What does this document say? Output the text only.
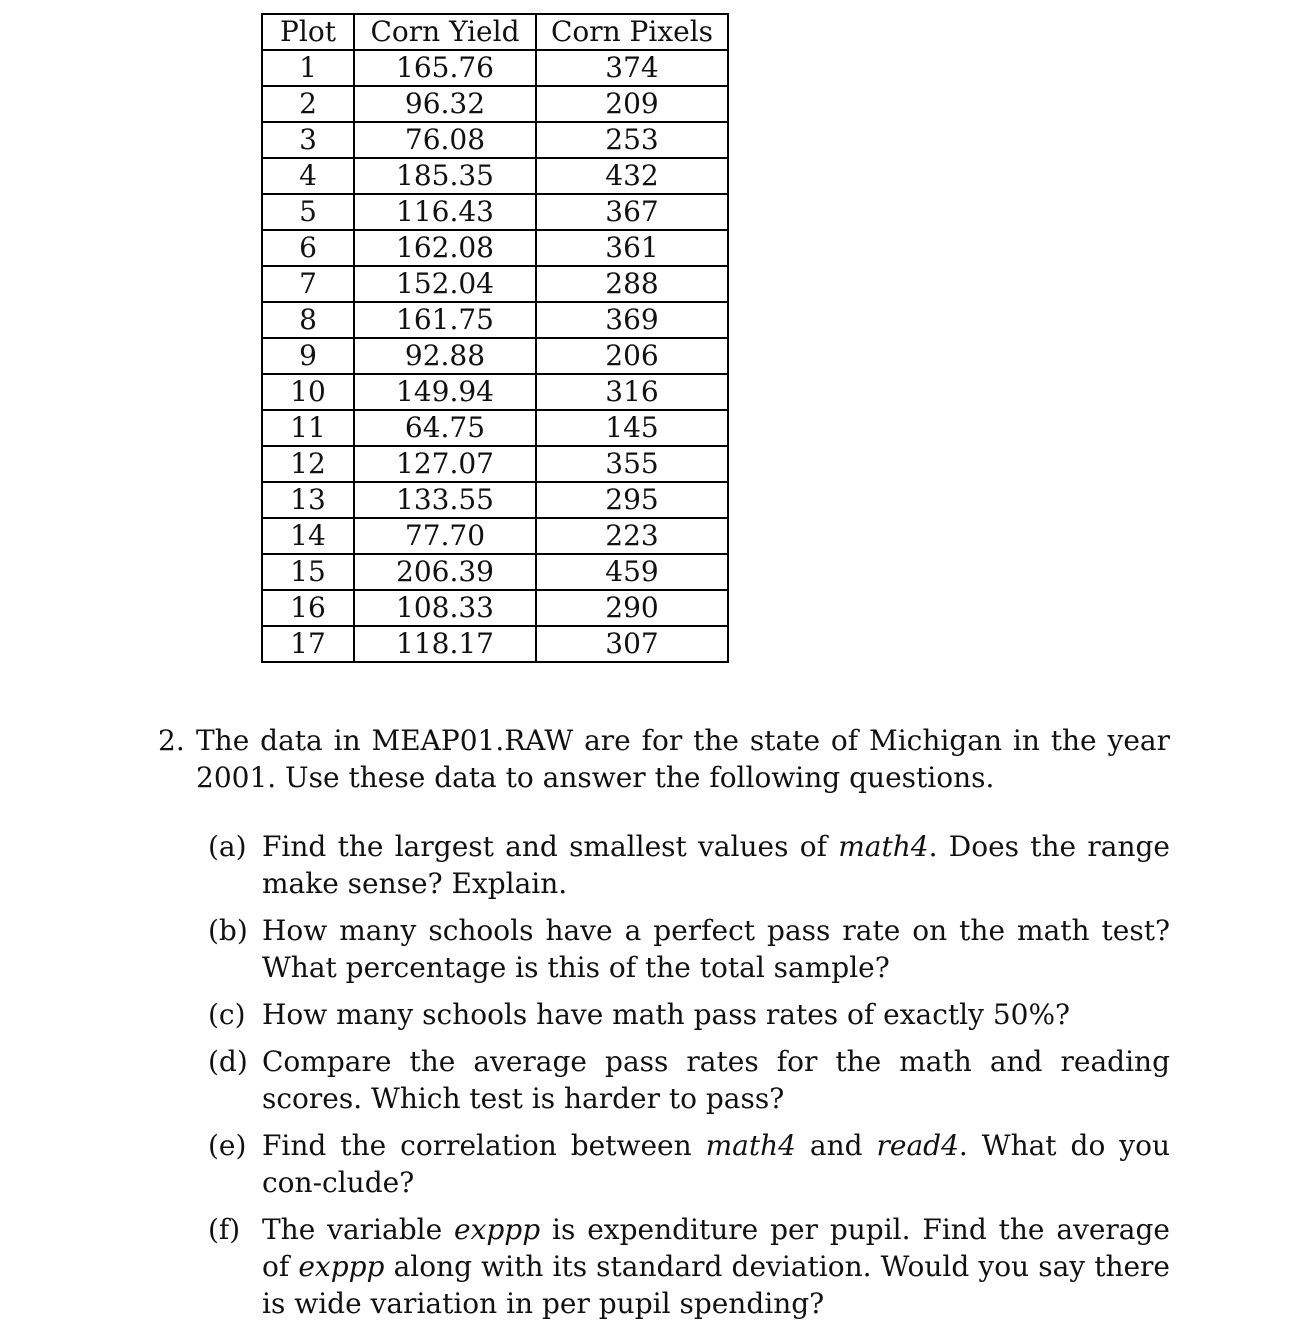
Plot	Corn Yield	Corn Pixels
1	165.76	374
2	96.32	209
3	76.08	253
4	185.35	432
5	116.43	367
6	162.08	361
7	152.04	288
8	161.75	369
9	92.88	206
10	149.94	316
11	64.75	145
12	127.07	355
13	133.55	295
14	77.70	223
15	206.39	459
16	108.33	290
17	118.17	307
2. The data in MEAP01.RAW are for the state of Michigan in the year 2001. Use these data to answer the following questions.
(a) Find the largest and smallest values of math4. Does the range make sense? Explain.
(b) How many schools have a perfect pass rate on the math test? What percentage is this of the total sample?
(c) How many schools have math pass rates of exactly 50%?
(d) Compare the average pass rates for the math and reading scores. Which test is harder to pass?
(e) Find the correlation between math4 and read4. What do you con-clude?
(f) The variable exppp is expenditure per pupil. Find the average of exppp along with its standard deviation. Would you say there is wide variation in per pupil spending?
